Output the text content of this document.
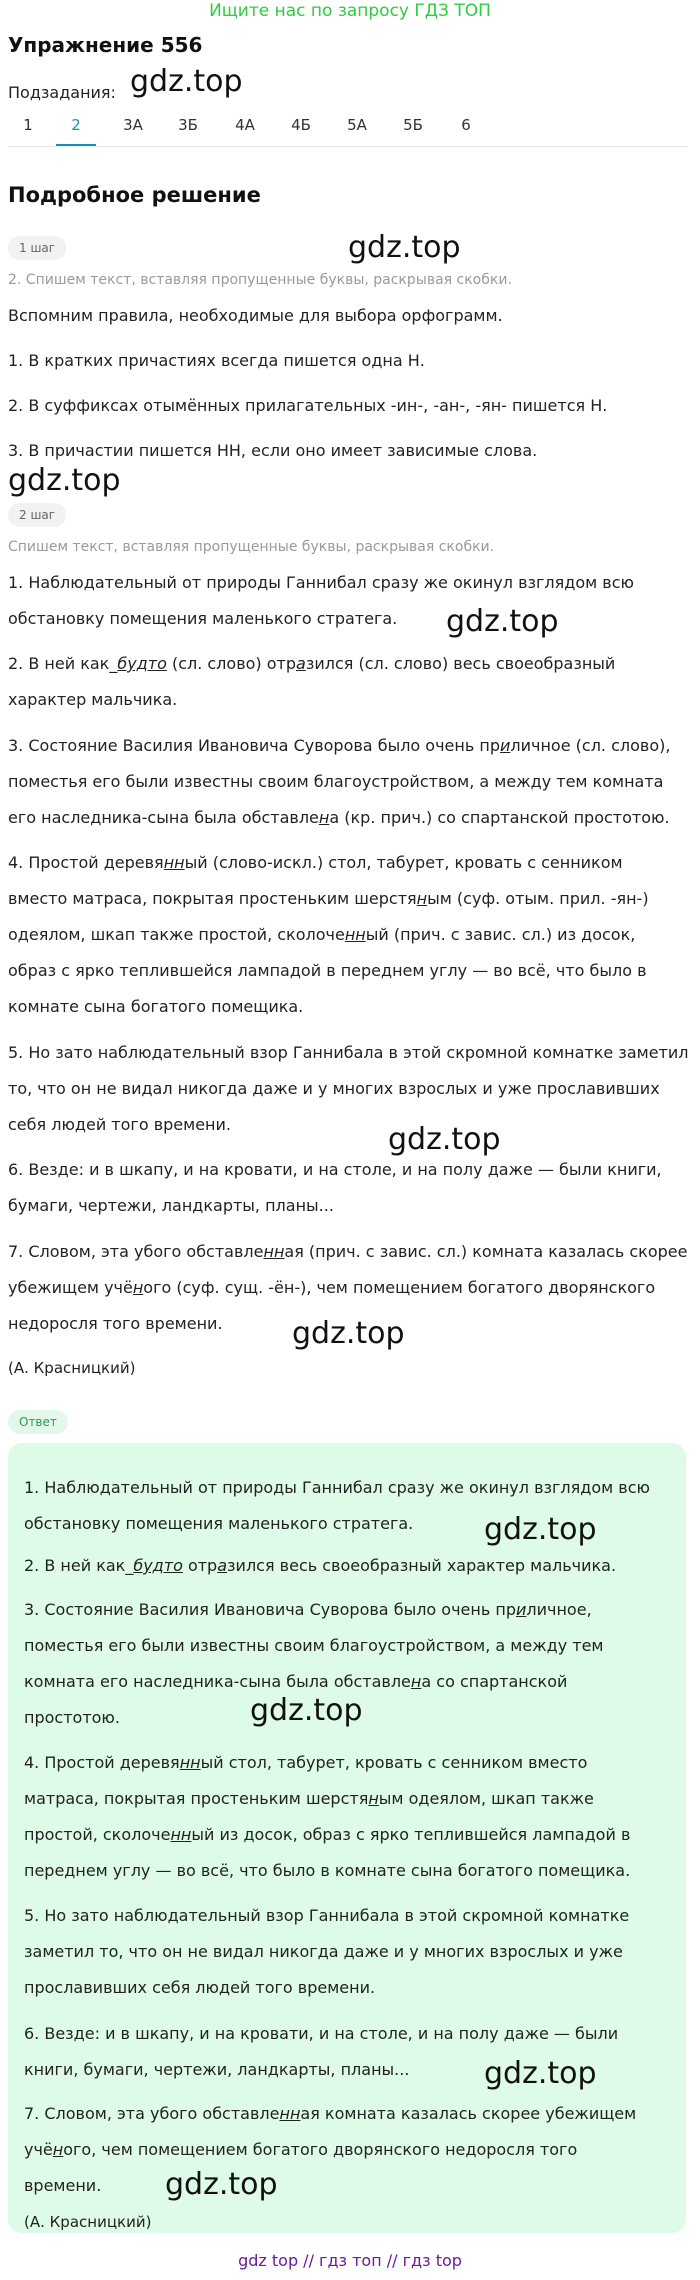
Ищите нас по запросу ГДЗ ТОП
Упражнение 556
Подзадания:
1	2	3А	3Б	4А	4Б	5А	5Б	6
gdz.top
Подробное решение
1 шаг	gdz.top
2. Спишем текст, вставляя пропущенные буквы, раскрывая скобки.

Вспомним правила, необходимые для выбора орфограмм.

1. В кратких причастиях всегда пишется одна Н.

2. В суффиксах отымённых прилагательных -ин-, -ан-, -ян- пишется Н.

3. В причастии пишется НН, если оно имеет зависимые слова.

gdz.top
2 шаг
Спишем текст, вставляя пропущенные буквы, раскрывая скобки.

1. Наблюдательный от природы Ганнибал сразу же окинул взглядом всю
обстановку помещения маленького стратега.	gdz.top

2. В ней как_будто (сл. слово) отразился (сл. слово) весь своеобразный
характер мальчика.

3. Состояние Василия Ивановича Суворова было очень приличное (сл. слово),
поместья его были известны своим благоустройством, а между тем комната
его наследника-сына была обставлена (кр. прич.) со спартанской простотою.

4. Простой деревянный (слово-искл.) стол, табурет, кровать с сенником
вместо матраса, покрытая простеньким шерстяным (суф. отым. прил. -ян-)
одеялом, шкап также простой, сколоченный (прич. с завис. сл.) из досок,
образ с ярко теплившейся лампадой в переднем углу — во всё, что было в
комнате сына богатого помещика.

5. Но зато наблюдательный взор Ганнибала в этой скромной комнатке заметил
то, что он не видал никогда даже и у многих взрослых и уже прославивших
себя людей того времени.	gdz.top

6. Везде: и в шкапу, и на кровати, и на столе, и на полу даже — были книги,
бумаги, чертежи, ландкарты, планы...

7. Словом, эта убого обставленная (прич. с завис. сл.) комната казалась скорее
убежищем учёного (суф. сущ. -ён-), чем помещением богатого дворянского
недоросля того времени.	gdz.top

(А. Красницкий)

Ответ

1. Наблюдательный от природы Ганнибал сразу же окинул взглядом всю
обстановку помещения маленького стратега.	gdz.top

2. В ней как_будто отразился весь своеобразный характер мальчика.

3. Состояние Василия Ивановича Суворова было очень приличное,
поместья его были известны своим благоустройством, а между тем
комната его наследника-сына была обставлена со спартанской
простотою.	gdz.top

4. Простой деревянный стол, табурет, кровать с сенником вместо
матраса, покрытая простеньким шерстяным одеялом, шкап также
простой, сколоченный из досок, образ с ярко теплившейся лампадой в
переднем углу — во всё, что было в комнате сына богатого помещика.

5. Но зато наблюдательный взор Ганнибала в этой скромной комнатке
заметил то, что он не видал никогда даже и у многих взрослых и уже
прославивших себя людей того времени.

6. Везде: и в шкапу, и на кровати, и на столе, и на полу даже — были
книги, бумаги, чертежи, ландкарты, планы...	gdz.top

7. Словом, эта убого обставленная комната казалась скорее убежищем
учёного, чем помещением богатого дворянского недоросля того
времени.	gdz.top

(А. Красницкий)

gdz top // гдз топ // гдз top
